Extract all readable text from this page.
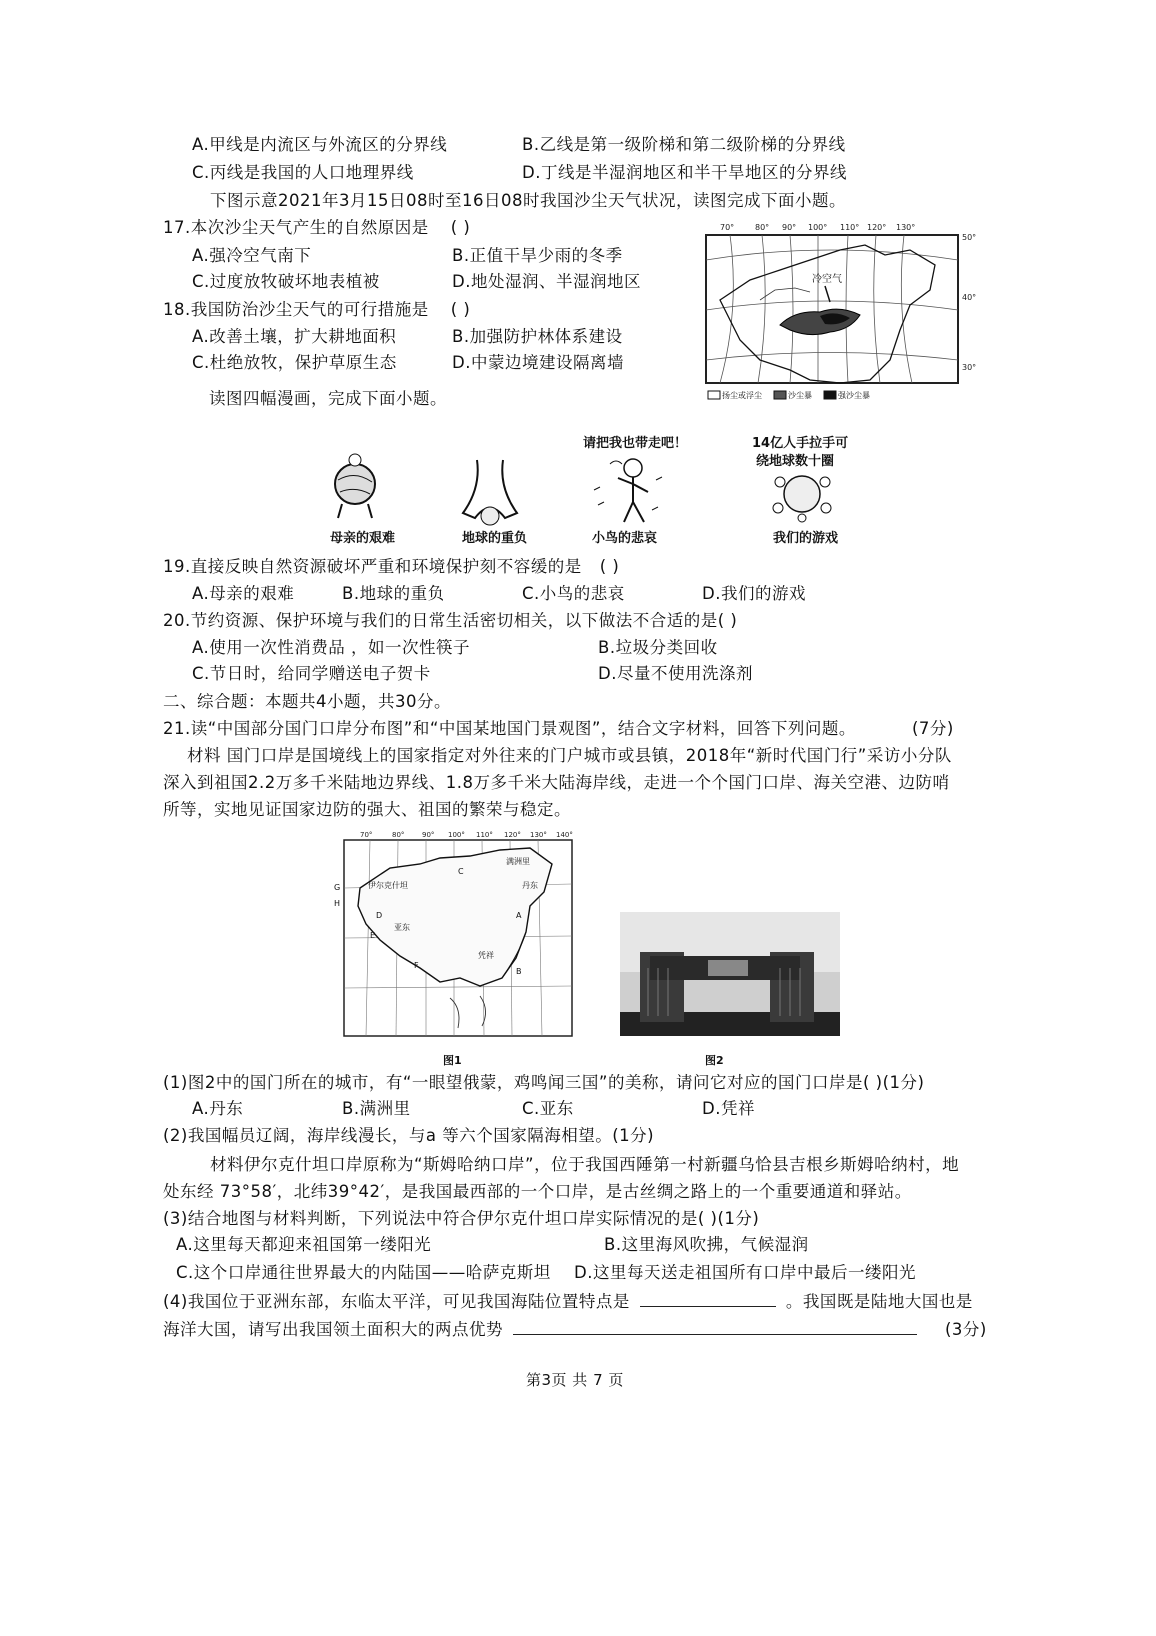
A.甲线是内流区与外流区的分界线	B.乙线是第一级阶梯和第二级阶梯的分界线
C.丙线是我国的人口地理界线	D.丁线是半湿润地区和半干旱地区的分界线
下图示意2021年3月15日08时至16日08时我国沙尘天气状况，读图完成下面小题。
17.本次沙尘天气产生的自然原因是 ( )
A.强冷空气南下	B.正值干旱少雨的冬季
C.过度放牧破坏地表植被	D.地处湿润、半湿润地区
18.我国防治沙尘天气的可行措施是 ( )
A.改善土壤，扩大耕地面积	B.加强防护林体系建设
C.杜绝放牧，保护草原生态	D.中蒙边境建设隔离墙
读图四幅漫画，完成下面小题。
70°	80° 90° 100° 110° 120° 130°
50°
40°
30°
冷空气
扬尘或浮尘	沙尘暴	强沙尘暴
母亲的艰难	地球的重负
请把我也带走吧！
小鸟的悲哀
14亿人手拉手可
绕地球数十圈
我们的游戏
19.直接反映自然资源破坏严重和环境保护刻不容缓的是 ( )
A.母亲的艰难	B.地球的重负	C.小鸟的悲哀	D.我们的游戏
20.节约资源、保护环境与我们的日常生活密切相关，以下做法不合适的是( )
A.使用一次性消费品 ，如一次性筷子	B.垃圾分类回收
C.节日时，给同学赠送电子贺卡	D.尽量不使用洗涤剂
二、综合题：本题共4小题，共30分。
21.读“中国部分国门口岸分布图”和“中国某地国门景观图”，结合文字材料，回答下列问题。	(7分)
材料 国门口岸是国境线上的国家指定对外往来的门户城市或县镇，2018年“新时代国门行”采访小分队
深入到祖国2.2万多千米陆地边界线、1.8万多千米大陆海岸线，走进一个个国门口岸、海关空港、边防哨
所等，实地见证国家边防的强大、祖国的繁荣与稳定。
70°	80°	90° 100° 110° 120° 130° 140°
满洲里
伊尔克什坦
亚东
凭祥
丹东
C
D
E
F
G
H
A
B
图1	图2
(1)图2中的国门所在的城市，有“一眼望俄蒙，鸡鸣闻三国”的美称，请问它对应的国门口岸是( )(1分)
A.丹东	B.满洲里	C.亚东	D.凭祥
(2)我国幅员辽阔，海岸线漫长，与a 等六个国家隔海相望。(1分)
材料伊尔克什坦口岸原称为“斯姆哈纳口岸”，位于我国西陲第一村新疆乌恰县吉根乡斯姆哈纳村，地
处东经 73°58′，北纬39°42′，是我国最西部的一个口岸，是古丝绸之路上的一个重要通道和驿站。
(3)结合地图与材料判断，下列说法中符合伊尔克什坦口岸实际情况的是( )(1分)
A.这里每天都迎来祖国第一缕阳光	B.这里海风吹拂，气候湿润
C.这个口岸通往世界最大的内陆国——哈萨克斯坦 D.这里每天送走祖国所有口岸中最后一缕阳光
(4)我国位于亚洲东部，东临太平洋，可见我国海陆位置特点是	。我国既是陆地大国也是
海洋大国，请写出我国领土面积大的两点优势	(3分)
第3页 共 7 页
